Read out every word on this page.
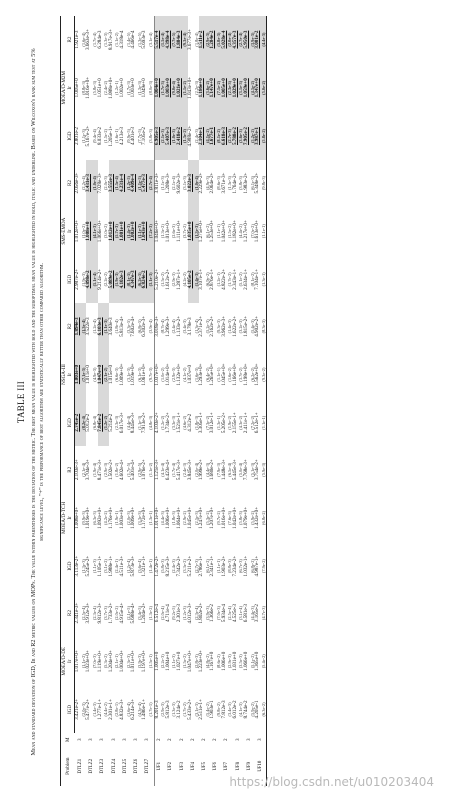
TABLE III Mean and standard deviation of IGD, Ir and R2 metric values on MOPs. The value within parentheses is the deviation of the metric. The best mean value is highlighted with bold and the suboptimal mean value is highlighted in bold, italic and underline. Based on Wilcoxon's rank sum test at 5% significance level, "+" is the performance of best algorithm are statistically better than other compared algorithm.
Problem	M	MOEA/D-DE			MOEA/D-TCH			NSGA-III			SMS-EMOA			MOEA/D-M2M		
		IGD	Ir	R2	IGD	Ir	R2	IGD	Ir	R2	IGD	Ir	R2	IGD	Ir	R2
DTLZ1	3	3.421e-2+ (2.0e-3)	1.017e+0+ (1.1e-2)	2.341e-3+ (2.5e-4)	3.113e-2+ (1.3e-3)	1.008e+0+ (9.9e-3)	2.103e-3+ (2.1e-4)	2.745e-2 (8.2e-4)	1.003e+0 (7.1e-3)	1.894e-3 (1.3e-4)	2.987e-2+ (1.9e-3)	1.012e+0+ (1.0e-2)	2.056e-3+ (2.2e-4)	2.801e-2 (1.1e-3)	1.005e+0 (8.8e-3)	1.921e-3 (1.6e-4)

DTLZ2	3	5.477e-2+ (1.4e-3)	1.023e+0+ (7.0e-3)	3.912e-3+ (2.3e-4)	5.245e-2+ (1.1e-3)	1.019e+0+ (6.3e-3)	3.704e-3+ (1.9e-4)	5.012e-2 (6.8e-4)	1.011e+0 (4.9e-3)	3.522e-3 (1.2e-4)	4.898e-2 (5.1e-4)	1.008e+0 (4.1e-3)	3.431e-3 (1.0e-4)	5.167e-2+ (9.4e-4)	1.016e+0+ (5.8e-3)	3.663e-3+ (1.7e-4)

DTLZ3	3	1.277e-1+ (4.4e-2)	1.119e+0+ (5.3e-2)	9.812e-3+ (3.7e-3)	1.105e-1+ (3.1e-2)	1.092e+0+ (4.2e-2)	8.471e-3+ (2.9e-3)	7.845e-2 (1.2e-2)	1.047e+0 (2.1e-2)	6.103e-3 (1.1e-3)	9.214e-2+ (2.2e-2)	1.066e+0+ (3.0e-2)	7.028e-3+ (2.0e-3)	8.033e-2 (1.5e-2)	1.051e+0 (2.4e-2)	6.284e-3 (1.3e-3)

DTLZ4	3	2.301e-1+ (2.8e-1)	1.204e+0+ (2.1e-1)	1.733e-2+ (2.0e-2)	1.988e-1+ (2.4e-1)	1.176e+0+ (1.9e-1)	1.502e-2+ (1.8e-2)	5.214e-2 (2.3e-3)	1.015e+0 (6.6e-3)	3.640e-3 (1.8e-4)	5.089e-2 (1.9e-3)	1.012e+0 (5.7e-3)	3.555e-3 (1.5e-4)	1.205e-1+ (1.6e-1)	1.088e+0+ (1.2e-1)	8.917e-3+ (1.1e-2)

DTLZ5	3	4.832e-3+ (1.6e-4)	1.004e+0+ (2.3e-3)	4.915e-4+ (2.1e-5)	4.511e-3+ (1.2e-4)	1.003e+0+ (2.0e-3)	4.602e-4+ (1.7e-5)	6.017e-3+ (4.4e-4)	1.009e+0+ (3.1e-3)	5.813e-4+ (3.3e-5)	4.102e-3 (8.1e-5)	1.001e+0 (1.4e-3)	4.231e-4 (1.2e-5)	4.213e-3 (9.9e-5)	1.002e+0 (1.7e-3)	4.318e-4 (1.4e-5)

DTLZ6	3	6.214e-3+ (4.3e-4)	1.011e+0+ (3.9e-3)	5.688e-4+ (3.4e-5)	5.873e-3+ (3.6e-4)	1.009e+0+ (3.3e-3)	5.401e-4+ (2.9e-5)	8.445e-3+ (1.1e-3)	1.019e+0+ (6.1e-3)	7.602e-4+ (6.8e-5)	4.347e-3 (6.2e-5)	1.002e+0 (1.1e-3)	4.409e-4 (1.1e-5)	4.401e-3 (7.7e-5)	1.003e+0 (1.3e-3)	4.466e-4 (1.3e-5)

DTLZ7	3	1.486e-1+ (1.7e-1)	1.197e+0+ (1.5e-1)	1.204e-2+ (1.3e-2)	1.321e-1+ (1.4e-1)	1.172e+0+ (1.3e-1)	1.076e-2+ (1.1e-2)	7.913e-2+ (4.8e-3)	1.061e+0+ (9.7e-3)	6.302e-3+ (3.9e-4)	6.824e-2 (3.1e-3)	1.043e+0 (7.2e-3)	5.477e-3 (2.7e-4)	7.105e-2 (3.8e-3)	1.049e+0 (8.0e-3)	5.693e-3 (3.1e-4)

UF1	2	8.201e-3 (2.9e-3)	1.005e+0 (2.2e-3)	6.512e-4 (2.0e-4)	1.472e-2+ (5.8e-3)	1.011e+0+ (4.4e-3)	1.121e-3+ (4.1e-4)	4.103e-2+ (1.2e-2)	1.037e+0+ (1.0e-2)	3.018e-3+ (8.7e-4)	5.210e-2+ (1.5e-2)	1.046e+0+ (1.3e-2)	3.811e-3+ (1.1e-3)	6.905e-3 (2.1e-3)	1.004e+0 (1.7e-3)	5.517e-4 (1.5e-4)

UF2	2	5.812e-3 (1.3e-3)	1.004e+0 (1.1e-3)	4.711e-4 (9.2e-5)	8.215e-3+ (2.4e-3)	1.006e+0+ (1.8e-3)	6.423e-4+ (1.7e-4)	1.734e-2+ (3.3e-3)	1.014e+0+ (2.9e-3)	1.299e-3+ (2.4e-4)	1.612e-2+ (2.9e-3)	1.013e+0+ (2.6e-3)	1.208e-3+ (2.1e-4)	5.407e-3 (1.0e-3)	1.003e+0 (9.0e-4)	4.398e-4 (7.7e-5)

UF3	2	3.124e-2 (1.7e-2)	1.027e+0 (1.5e-2)	2.301e-3 (1.2e-3)	7.342e-2+ (3.3e-2)	1.064e+0+ (2.9e-2)	5.417e-3+ (2.4e-3)	1.521e-1+ (4.6e-2)	1.132e+0+ (4.1e-2)	1.133e-2+ (3.4e-3)	1.287e-1+ (4.2e-2)	1.111e+0+ (3.7e-2)	9.602e-3+ (3.1e-3)	2.418e-2 (1.3e-2)	1.021e+0 (1.1e-2)	1.804e-3 (9.3e-4)

UF4	2	5.433e-2+ (3.1e-3)	1.047e+0+ (2.8e-3)	4.012e-3+ (2.3e-4)	5.211e-2+ (2.7e-3)	1.045e+0+ (2.5e-3)	3.845e-3+ (2.0e-4)	4.312e-2 (1.8e-3)	1.037e+0 (1.6e-3)	3.178e-3 (1.3e-4)	4.105e-2 (1.4e-3)	1.035e+0 (1.3e-3)	3.022e-3 (1.0e-4)	4.988e-2+ (2.4e-3)	1.043e+0+ (2.2e-3)	3.677e-3+ (1.8e-4)

UF5	2	2.511e-1+ (5.4e-2)	1.223e+0+ (4.8e-2)	1.802e-2+ (3.9e-3)	2.786e-1+ (6.1e-2)	1.247e+0+ (5.3e-2)	1.999e-2+ (4.4e-3)	3.305e-1+ (7.3e-2)	1.293e+0+ (6.4e-2)	2.371e-2+ (5.2e-3)	3.107e-1+ (6.9e-2)	1.275e+0+ (6.1e-2)	2.229e-2+ (4.9e-3)	2.104e-1 (4.1e-2)	1.186e+0 (3.6e-2)	1.511e-2 (2.9e-3)

UF6	2	1.903e-1 (9.8e-2)	1.167e+0 (8.6e-2)	1.366e-2 (7.0e-3)	2.341e-1+ (1.1e-1)	1.207e+0+ (9.7e-2)	1.680e-2+ (7.9e-3)	3.012e-1+ (1.3e-1)	1.265e+0+ (1.1e-1)	2.162e-2+ (9.3e-3)	2.876e-1+ (1.2e-1)	1.253e+0+ (1.1e-1)	2.064e-2+ (8.6e-3)	1.677e-1 (8.1e-2)	1.147e+0 (7.1e-2)	1.204e-2 (5.8e-3)

UF7	2	7.812e-3 (3.4e-3)	1.006e+0 (2.9e-3)	5.934e-4 (2.5e-4)	1.903e-2+ (8.8e-3)	1.016e+0+ (7.6e-3)	1.448e-3+ (6.5e-4)	5.205e-2+ (1.9e-2)	1.045e+0+ (1.6e-2)	3.962e-3+ (1.4e-3)	4.822e-2+ (1.7e-2)	1.042e+0+ (1.5e-2)	3.671e-3+ (1.3e-3)	6.618e-3 (2.7e-3)	1.005e+0 (2.3e-3)	5.028e-4 (2.0e-4)

UF8	3	6.012e-2 (4.1e-3)	1.031e+0 (3.5e-3)	4.525e-3 (3.1e-4)	7.234e-2+ (6.7e-3)	1.042e+0+ (5.8e-3)	5.445e-3+ (5.0e-4)	2.155e-1+ (4.3e-2)	1.166e+0+ (3.7e-2)	1.622e-2+ (3.2e-3)	2.343e-1+ (5.1e-2)	1.182e+0+ (4.4e-2)	1.764e-2+ (3.8e-3)	5.788e-2 (3.6e-3)	1.029e+0 (3.1e-3)	4.357e-3 (2.7e-4)

UF9	3	8.744e-2 (5.9e-2)	1.066e+0 (5.1e-2)	6.581e-3 (4.4e-3)	1.032e-1+ (6.8e-2)	1.079e+0+ (5.9e-2)	7.768e-3+ (5.1e-3)	2.411e-1+ (7.2e-2)	1.198e+0+ (6.2e-2)	1.815e-2+ (5.4e-3)	2.634e-1+ (8.1e-2)	1.217e+0+ (7.0e-2)	1.983e-2+ (6.1e-3)	7.905e-2 (5.2e-2)	1.059e+0 (4.5e-2)	5.950e-3 (3.9e-3)

UF10	3	4.205e-1 (6.3e-2)	1.365e+0 (5.4e-2)	3.165e-2 (4.7e-3)	4.987e-1+ (7.9e-2)	1.432e+0+ (6.8e-2)	3.754e-2+ (5.9e-3)	6.512e-1+ (1.1e-1)	1.562e+0+ (9.3e-2)	4.902e-2+ (8.3e-3)	7.104e-1+ (1.3e-1)	1.613e+0+ (1.1e-1)	5.348e-2+ (9.8e-3)	3.987e-1 (5.8e-2)	1.347e+0 (5.0e-2)	3.001e-2 (4.4e-3)
https://blog.csdn.net/u010203404
